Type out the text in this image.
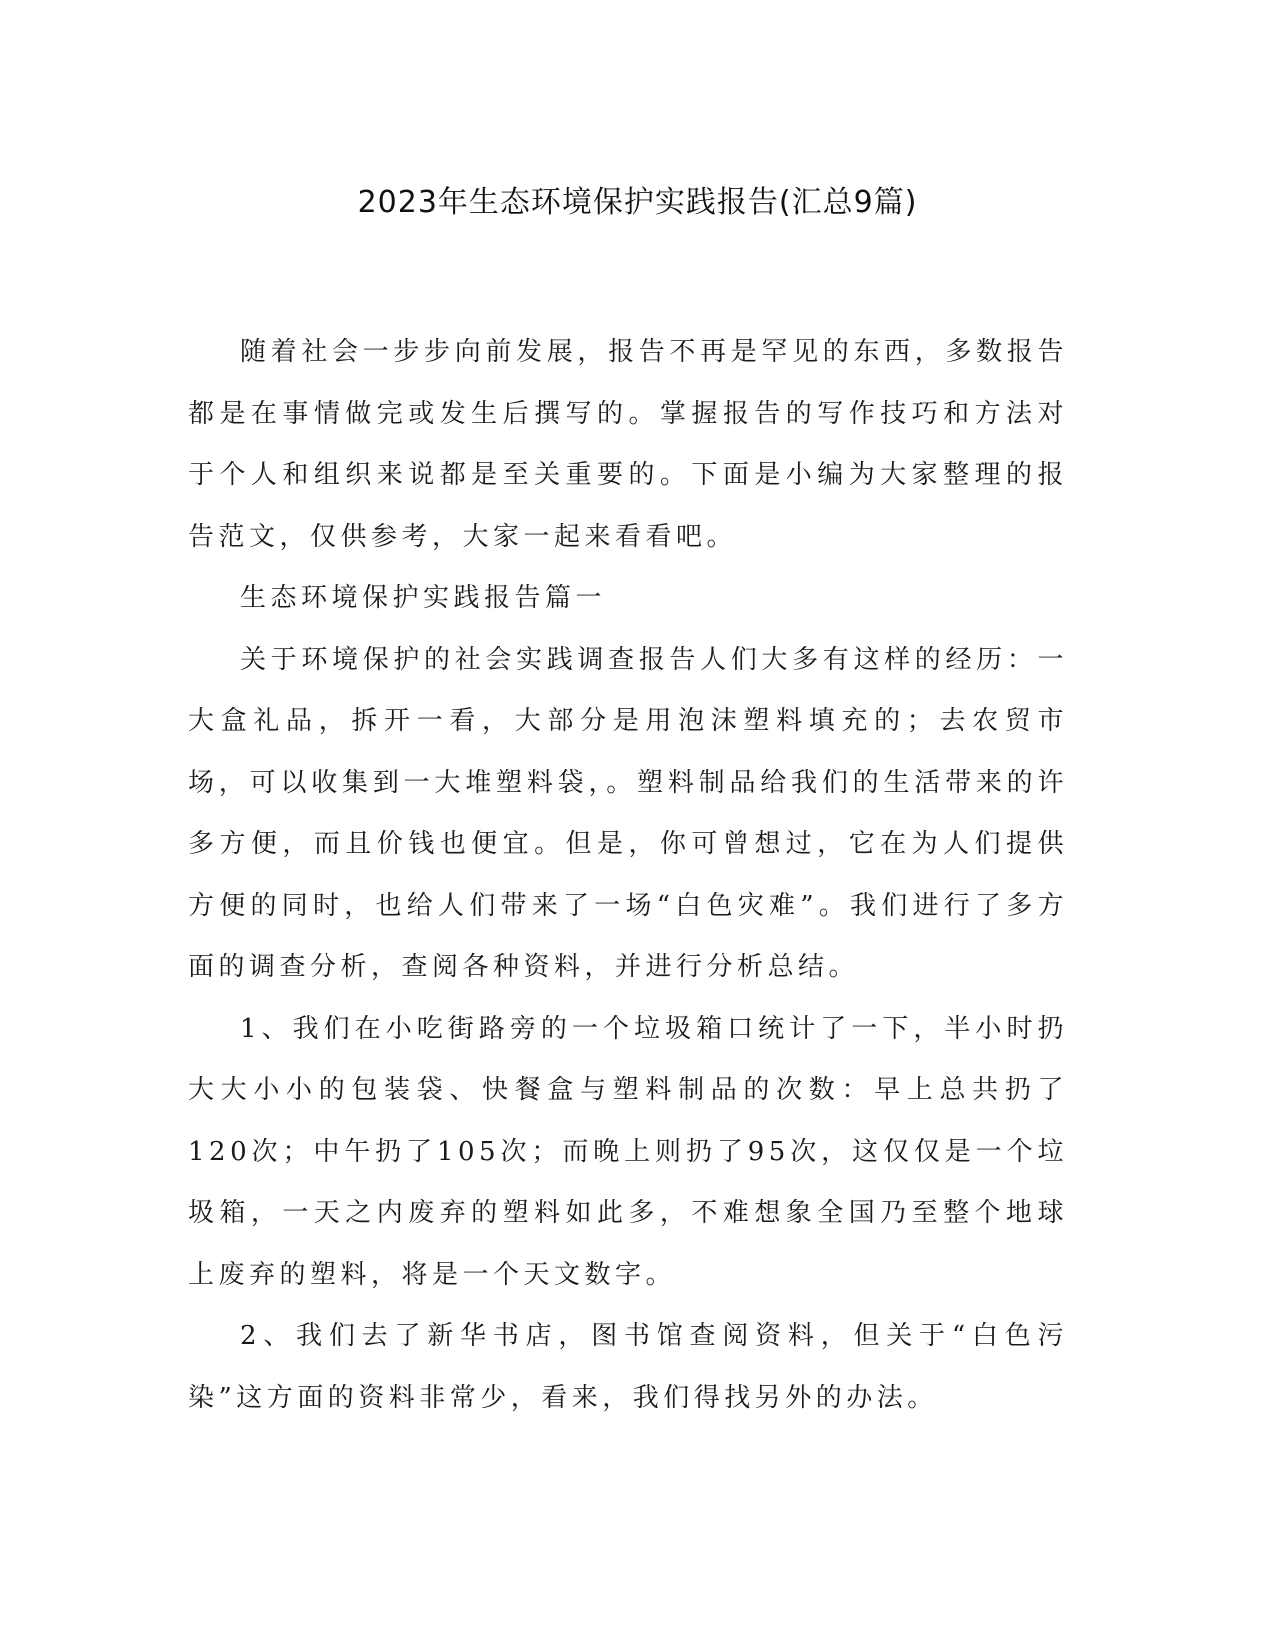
2023年生态环境保护实践报告(汇总9篇)

随着社会一步步向前发展，报告不再是罕见的东西，多数报告都是在事情做完或发生后撰写的。掌握报告的写作技巧和方法对于个人和组织来说都是至关重要的。下面是小编为大家整理的报告范文，仅供参考，大家一起来看看吧。

生态环境保护实践报告篇一

关于环境保护的社会实践调查报告人们大多有这样的经历：一大盒礼品，拆开一看，大部分是用泡沫塑料填充的；去农贸市场，可以收集到一大堆塑料袋，。塑料制品给我们的生活带来的许多方便，而且价钱也便宜。但是，你可曾想过，它在为人们提供方便的同时，也给人们带来了一场“白色灾难”。我们进行了多方面的调查分析，查阅各种资料，并进行分析总结。

1、我们在小吃街路旁的一个垃圾箱口统计了一下，半小时扔大大小小的包装袋、快餐盒与塑料制品的次数：早上总共扔了120次；中午扔了105次；而晚上则扔了95次，这仅仅是一个垃圾箱，一天之内废弃的塑料如此多，不难想象全国乃至整个地球上废弃的塑料，将是一个天文数字。

2、我们去了新华书店，图书馆查阅资料，但关于“白色污染”这方面的资料非常少，看来，我们得找另外的办法。
